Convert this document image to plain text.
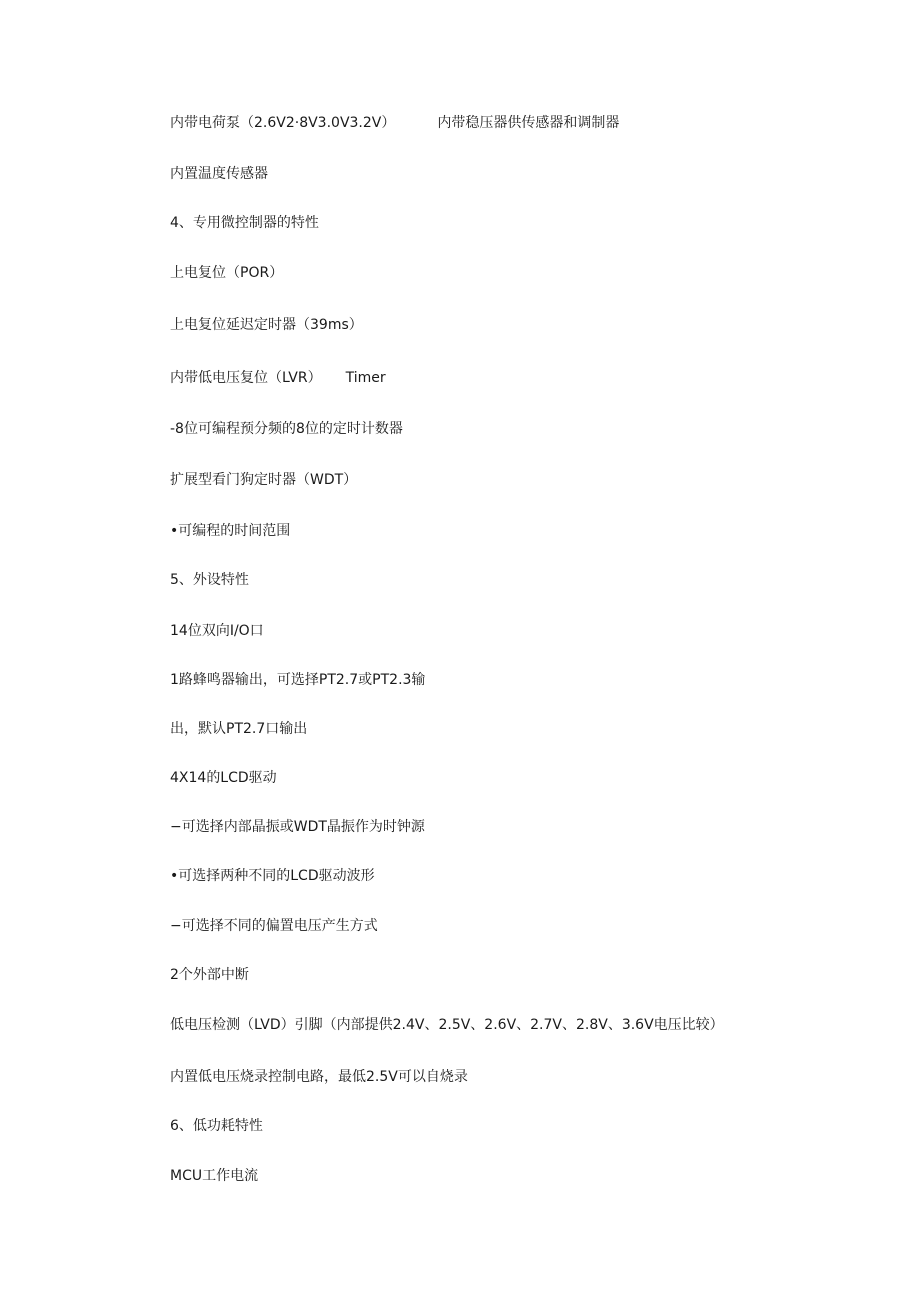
内带电荷泵（2.6V2·8V3.0V3.2V）	内带稳压器供传感器和调制器
内置温度传感器
4、专用微控制器的特性
上电复位（POR）
上电复位延迟定时器（39ms）
内带低电压复位（LVR） Timer
-8位可编程预分频的8位的定时计数器
扩展型看门狗定时器（WDT）
•可编程的时间范围
5、外设特性
14位双向I/O口
1路蜂鸣器输出，可选择PT2.7或PT2.3输
出，默认PT2.7口输出
4X14的LCD驱动
−可选择内部晶振或WDT晶振作为时钟源
•可选择两种不同的LCD驱动波形
−可选择不同的偏置电压产生方式
2个外部中断
低电压检测（LVD）引脚（内部提供2.4V、2.5V、2.6V、2.7V、2.8V、3.6V电压比较）
内置低电压烧录控制电路，最低2.5V可以自烧录
6、低功耗特性
MCU工作电流
